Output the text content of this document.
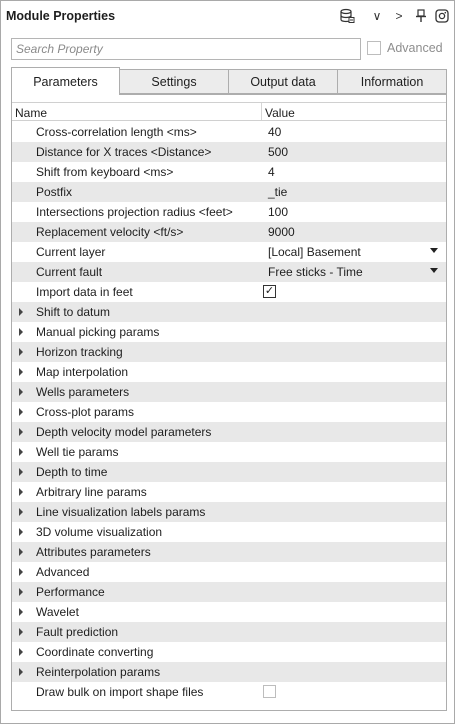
Module Properties	∨	>
Search Property
Advanced
Parameters	Settings	Output data	Information
Name	Value
Cross-correlation length <ms>	40
Distance for X traces <Distance>	500
Shift from keyboard <ms>	4
Postfix	_tie
Intersections projection radius <feet>	100
Replacement velocity <ft/s>	9000
Current layer	[Local] Basement
Current fault	Free sticks - Time
Import data in feet	✓
Shift to datum
Manual picking params
Horizon tracking
Map interpolation
Wells parameters
Cross-plot params
Depth velocity model parameters
Well tie params
Depth to time
Arbitrary line params
Line visualization labels params
3D volume visualization
Attributes parameters
Advanced
Performance
Wavelet
Fault prediction
Coordinate converting
Reinterpolation params
Draw bulk on import shape files
